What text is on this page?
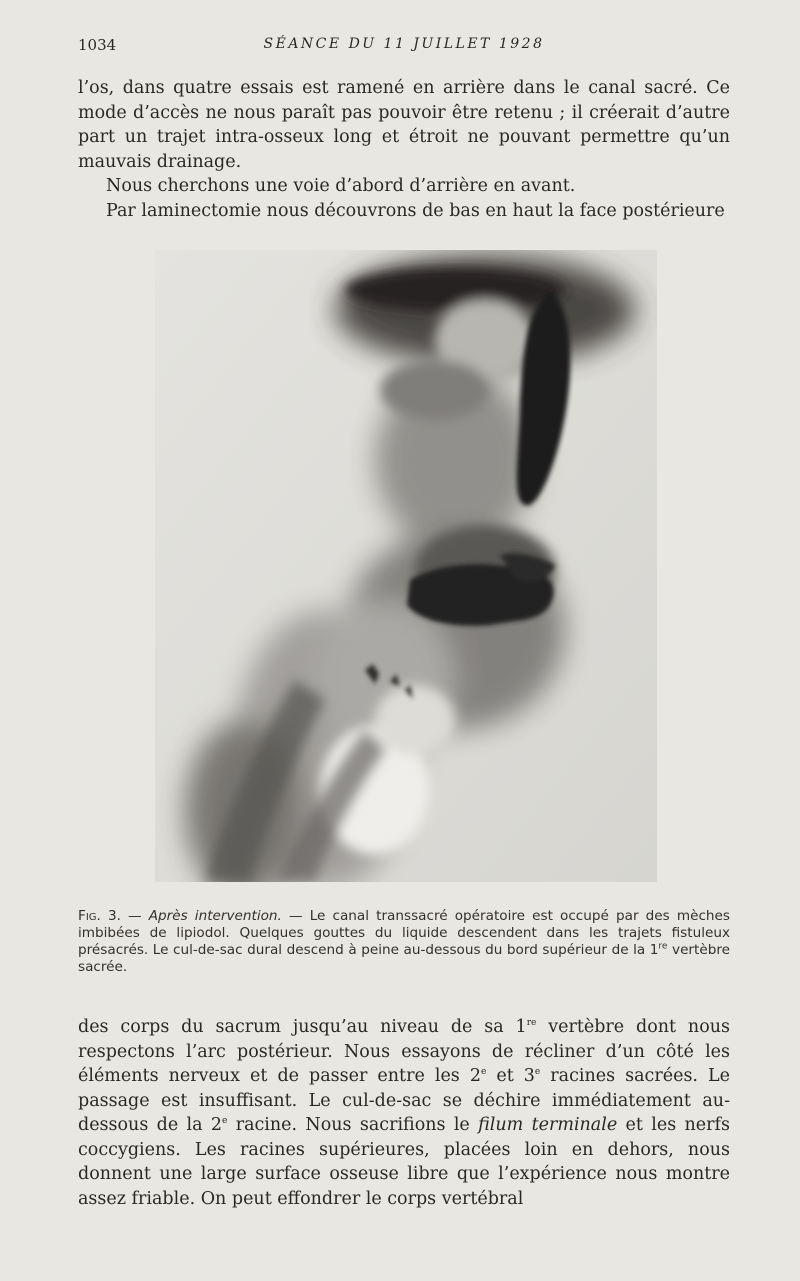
1034	SÉANCE DU 11 JUILLET 1928

l’os, dans quatre essais est ramené en arrière dans le canal sacré. Ce mode d’accès ne nous paraît pas pouvoir être retenu ; il créerait d’autre part un trajet intra-osseux long et étroit ne pouvant permettre qu’un mauvais drainage.

Nous cherchons une voie d’abord d’arrière en avant.

Par laminectomie nous découvrons de bas en haut la face postérieure

Fig. 3. — Après intervention. — Le canal transsacré opératoire est occupé par des mèches imbibées de lipiodol. Quelques gouttes du liquide descendent dans les trajets fistuleux présacrés. Le cul-de-sac dural descend à peine au-dessous du bord supérieur de la 1re vertèbre sacrée.

des corps du sacrum jusqu’au niveau de sa 1re vertèbre dont nous respectons l’arc postérieur. Nous essayons de récliner d’un côté les éléments nerveux et de passer entre les 2e et 3e racines sacrées. Le passage est insuffisant. Le cul-de-sac se déchire immédiatement au-dessous de la 2e racine. Nous sacrifions le filum terminale et les nerfs coccygiens. Les racines supérieures, placées loin en dehors, nous donnent une large surface osseuse libre que l’expérience nous montre assez friable. On peut effondrer le corps vertébral
